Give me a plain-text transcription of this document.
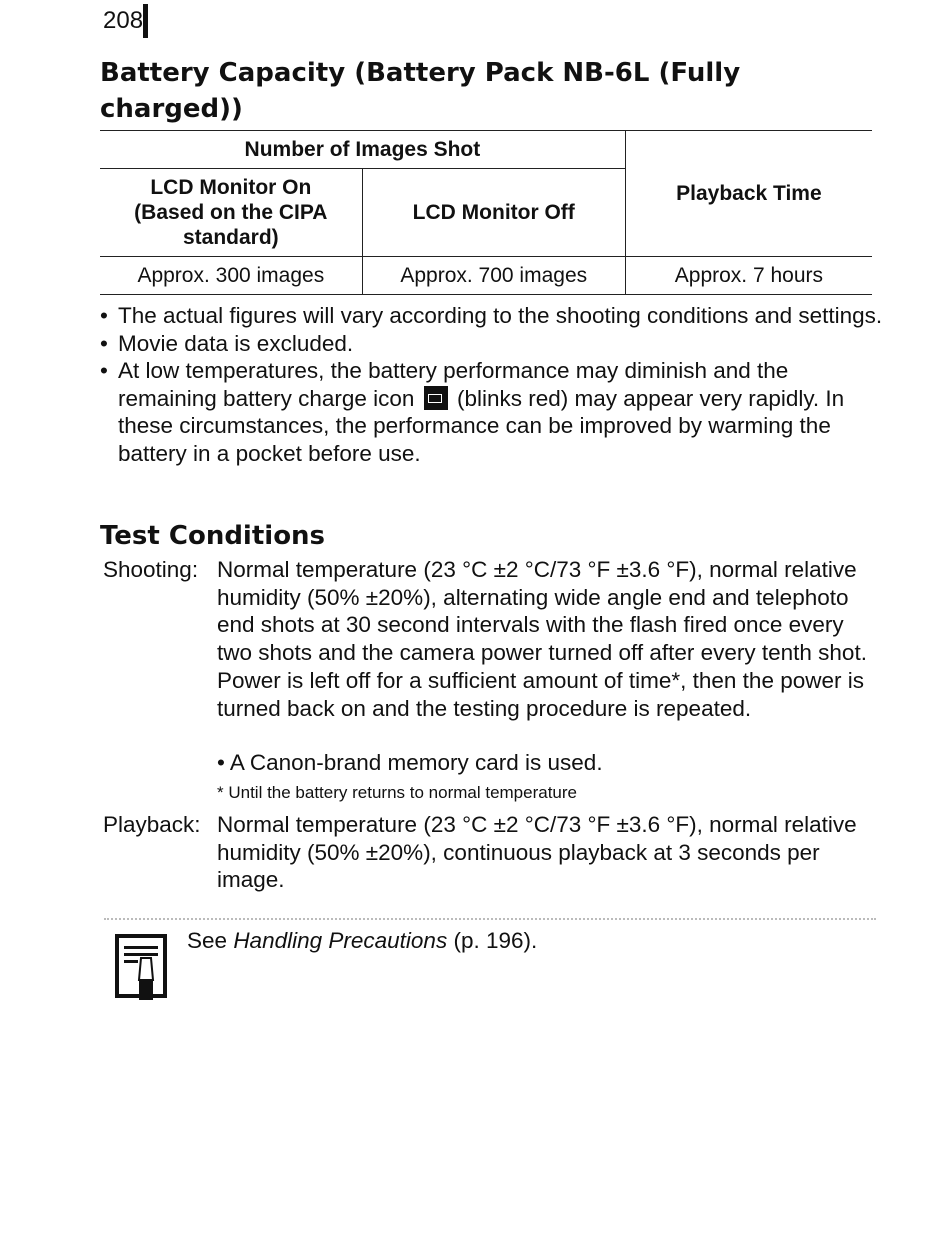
208
Battery Capacity (Battery Pack NB-6L (Fully charged))
Number of Images Shot		Playback Time
LCD Monitor On (Based on the CIPA standard)	LCD Monitor Off	
Approx. 300 images	Approx. 700 images	Approx. 7 hours
• The actual figures will vary according to the shooting conditions and settings.
• Movie data is excluded.
• At low temperatures, the battery performance may diminish and the remaining battery charge icon (blinks red) may appear very rapidly. In these circumstances, the performance can be improved by warming the battery in a pocket before use.
Test Conditions
Shooting: Normal temperature (23 °C ±2 °C/73 °F ±3.6 °F), normal relative humidity (50% ±20%), alternating wide angle end and telephoto end shots at 30 second intervals with the flash fired once every two shots and the camera power turned off after every tenth shot. Power is left off for a sufficient amount of time*, then the power is turned back on and the testing procedure is repeated.
• A Canon-brand memory card is used.
* Until the battery returns to normal temperature
Playback: Normal temperature (23 °C ±2 °C/73 °F ±3.6 °F), normal relative humidity (50% ±20%), continuous playback at 3 seconds per image.
See Handling Precautions (p. 196).
